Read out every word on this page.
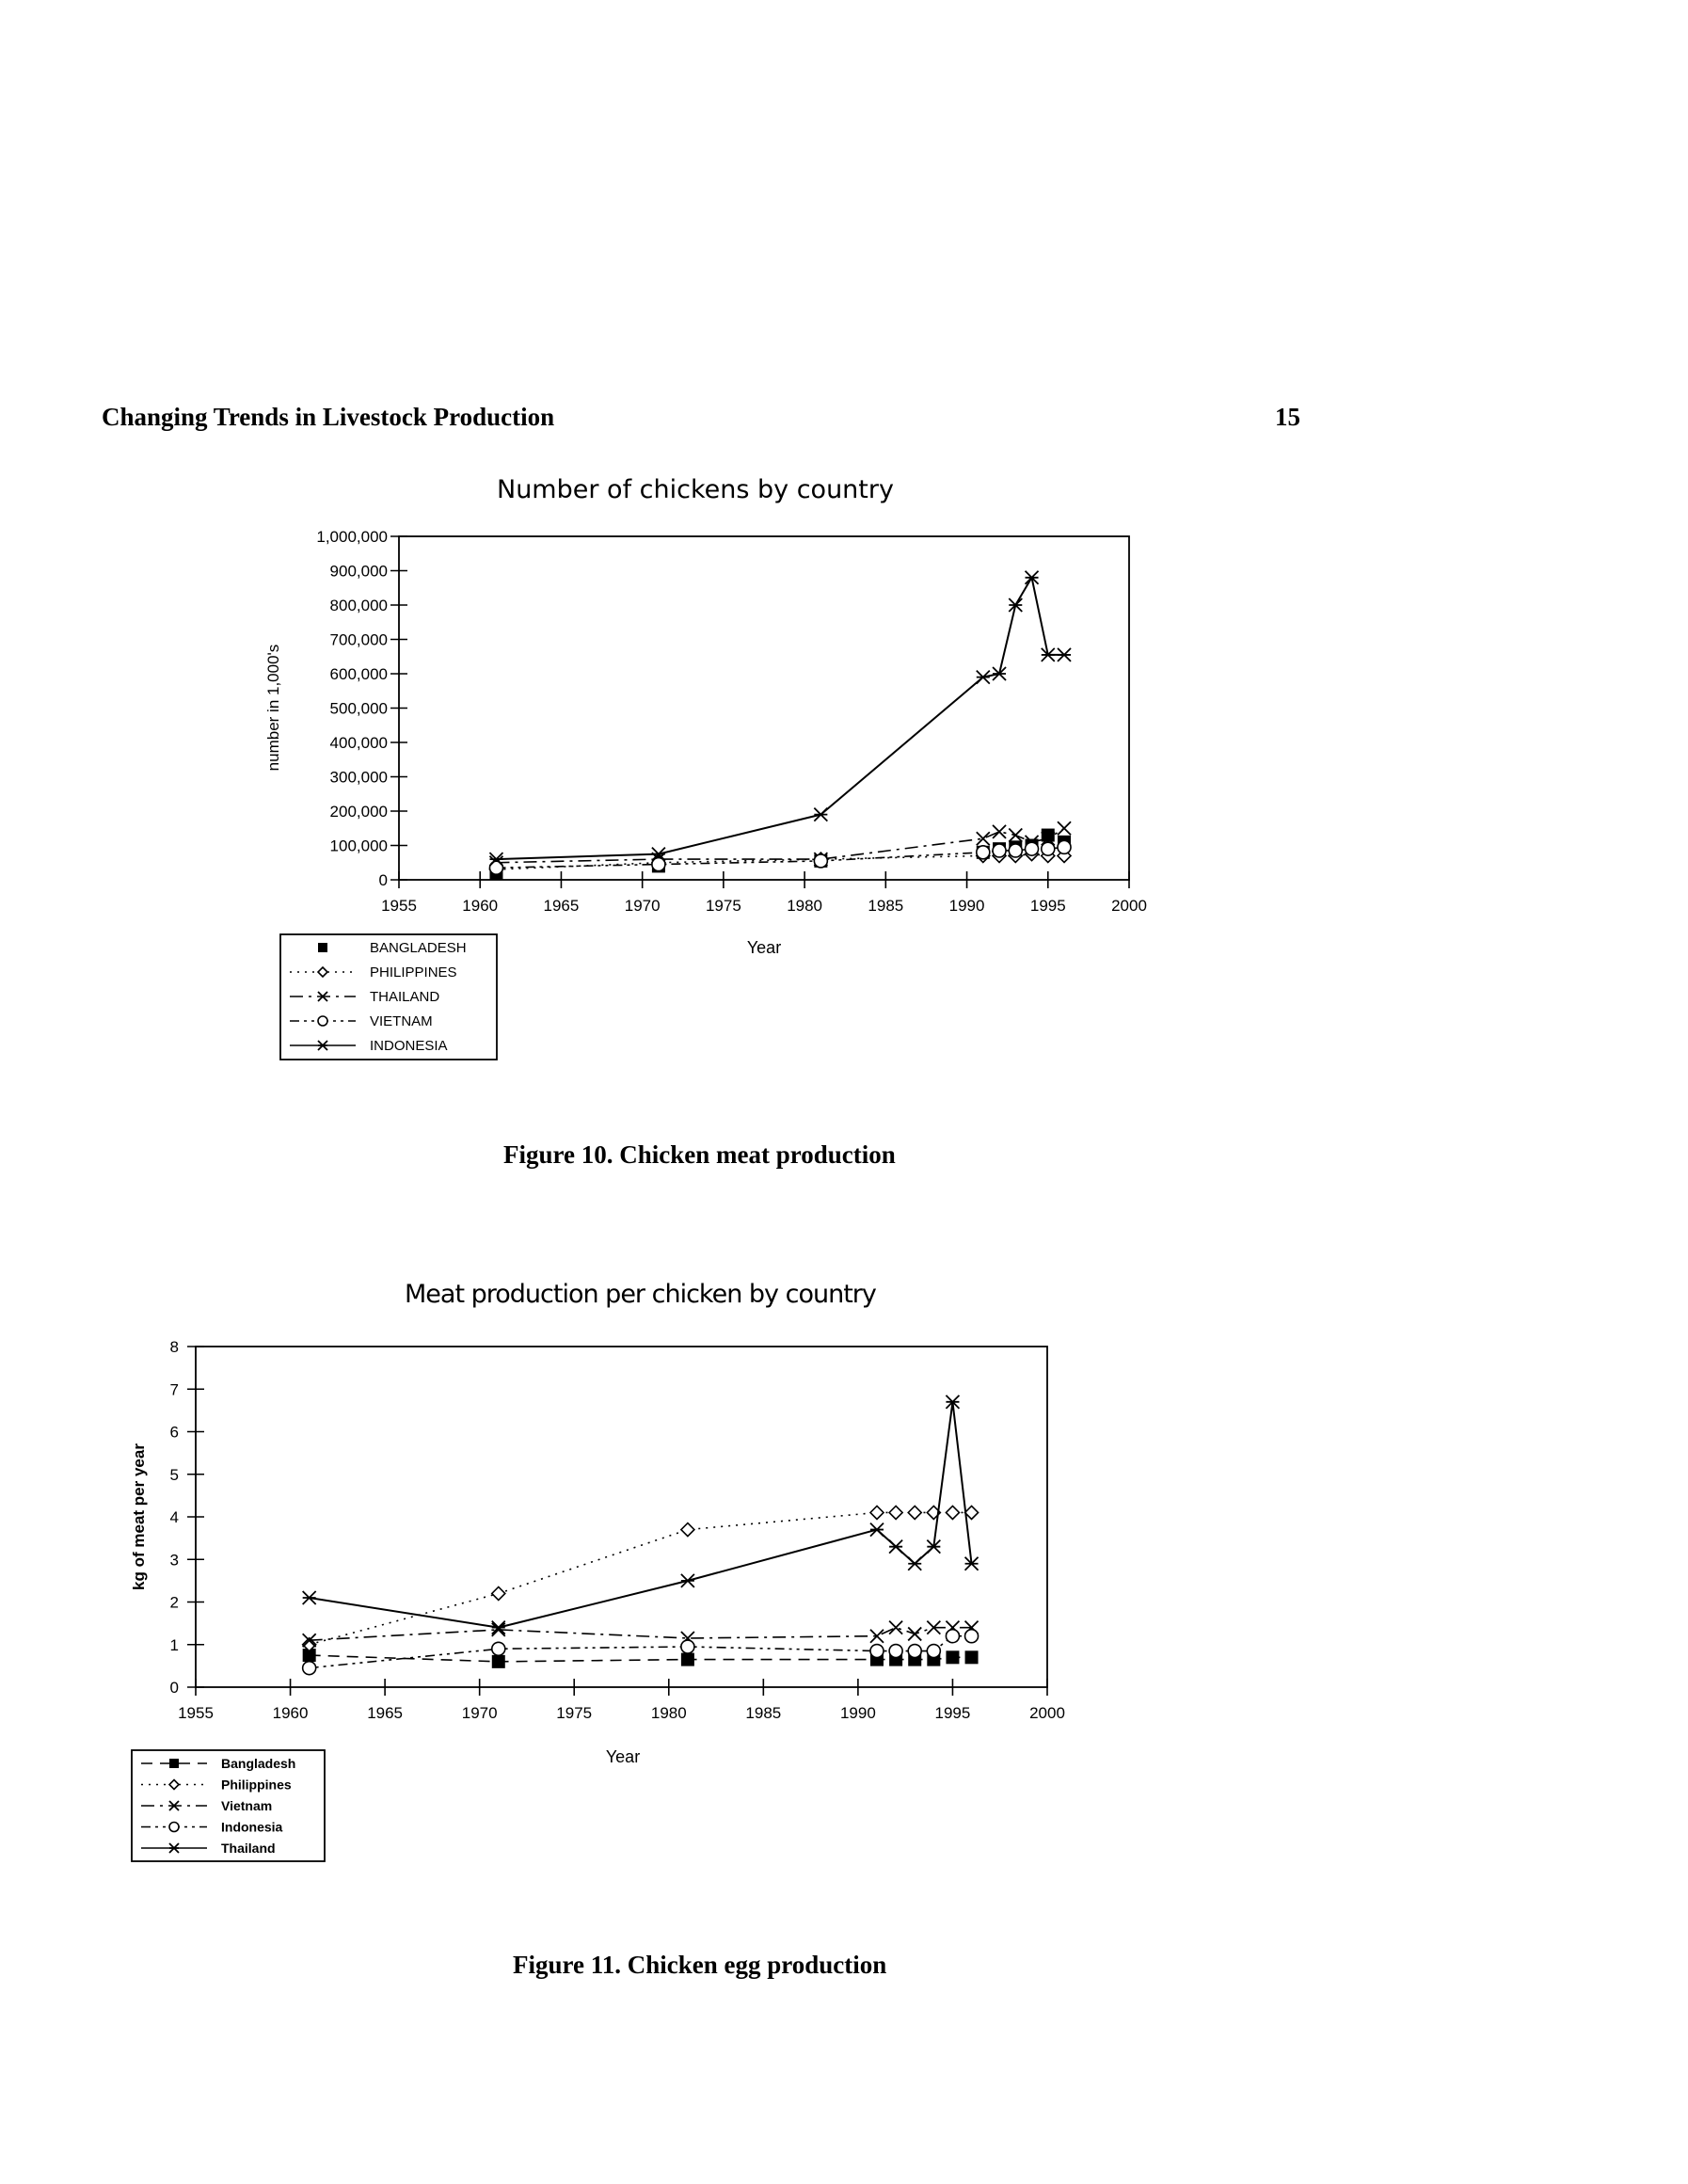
Changing Trends in Livestock Production	15
Number of chickens by country
Meat production per chicken by country
Figure 10. Chicken meat production
Figure 11. Chicken egg production
0
100,000
200,000
300,000
400,000
500,000
600,000
700,000
800,000
900,000
1,000,000
1955	1960	1965	1970	1975	1980	1985	1990	1995	2000
Year
number in 1,000's
BANGLADESH
PHILIPPINES
THAILAND
VIETNAM
INDONESIA
0
1
2
3
4
5
6
7
8
1955	1960	1965	1970	1975	1980	1985	1990	1995	2000
Year
kg of meat per year
Bangladesh
Philippines
Vietnam
Indonesia
Thailand
